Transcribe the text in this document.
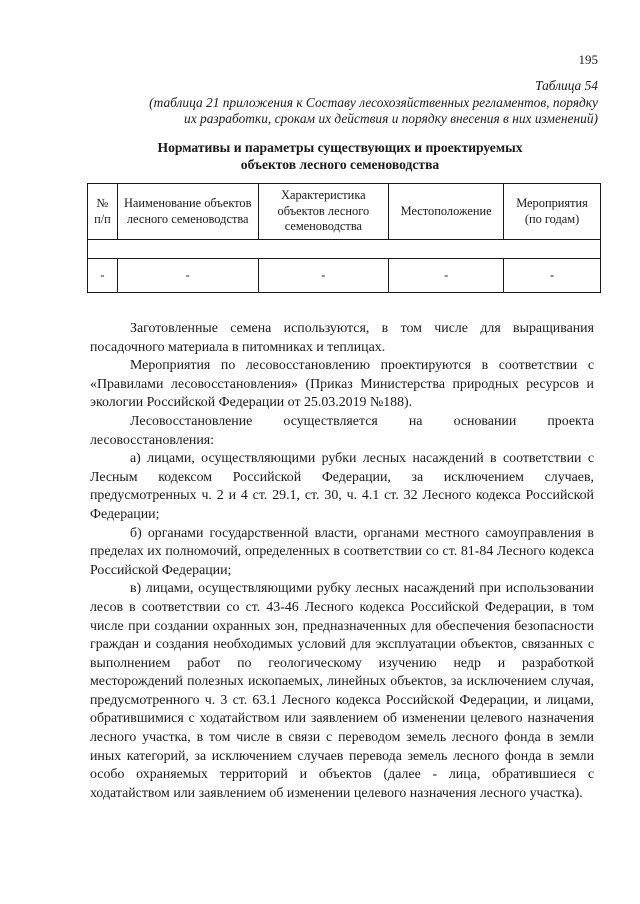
195
Таблица 54
(таблица 21 приложения к Составу лесохозяйственных регламентов, порядку
их разработки, срокам их действия и порядку внесения в них изменений)
Нормативы и параметры существующих и проектируемых
объектов лесного семеноводства
№ п/п	Наименование объектов лесного семеноводства	Характеристика объектов лесного семеноводства	Местоположение	Мероприятия (по годам)

-	-	-	-	-

Заготовленные семена используются, в том числе для выращивания посадочного материала в питомниках и теплицах.

Мероприятия по лесовосстановлению проектируются в соответствии с «Правилами лесовосстановления» (Приказ Министерства природных ресурсов и экологии Российской Федерации от 25.03.2019 №188).

Лесовосстановление осуществляется на основании проекта лесовосстановления:

а) лицами, осуществляющими рубки лесных насаждений в соответствии с Лесным кодексом Российской Федерации, за исключением случаев, предусмотренных ч. 2 и 4 ст. 29.1, ст. 30, ч. 4.1 ст. 32 Лесного кодекса Российской Федерации;

б) органами государственной власти, органами местного самоуправления в пределах их полномочий, определенных в соответствии со ст. 81-84 Лесного кодекса Российской Федерации;

в) лицами, осуществляющими рубку лесных насаждений при использовании лесов в соответствии со ст. 43-46 Лесного кодекса Российской Федерации, в том числе при создании охранных зон, предназначенных для обеспечения безопасности граждан и создания необходимых условий для эксплуатации объектов, связанных с выполнением работ по геологическому изучению недр и разработкой месторождений полезных ископаемых, линейных объектов, за исключением случая, предусмотренного ч. 3 ст. 63.1 Лесного кодекса Российской Федерации, и лицами, обратившимися с ходатайством или заявлением об изменении целевого назначения лесного участка, в том числе в связи с переводом земель лесного фонда в земли иных категорий, за исключением случаев перевода земель лесного фонда в земли особо охраняемых территорий и объектов (далее - лица, обратившиеся с ходатайством или заявлением об изменении целевого назначения лесного участка).
